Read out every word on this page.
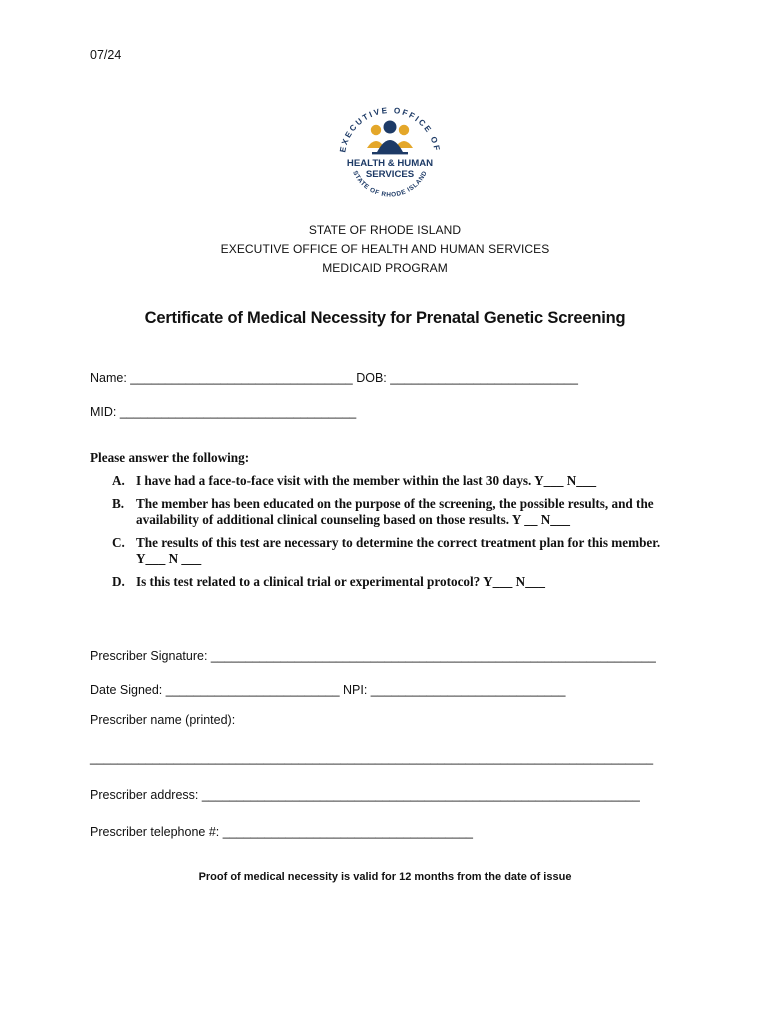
07/24
EXECUTIVE OFFICE OF
HEALTH & HUMAN
SERVICES
STATE OF RHODE ISLAND
STATE OF RHODE ISLAND
EXECUTIVE OFFICE OF HEALTH AND HUMAN SERVICES
MEDICAID PROGRAM
Certificate of Medical Necessity for Prenatal Genetic Screening
Name: ________________________________ DOB: ___________________________
MID: __________________________________
Please answer the following:
A. I have had a face-to-face visit with the member within the last 30 days. Y___ N___
B. The member has been educated on the purpose of the screening, the possible results, and the availability of additional clinical counseling based on those results. Y __ N___
C. The results of this test are necessary to determine the correct treatment plan for this member. Y___ N ___
D. Is this test related to a clinical trial or experimental protocol? Y___ N___
Prescriber Signature: ________________________________________________________________
Date Signed: _________________________ NPI: ____________________________
Prescriber name (printed):
_________________________________________________________________________________
Prescriber address: _______________________________________________________________
Prescriber telephone #: ____________________________________
Proof of medical necessity is valid for 12 months from the date of issue
